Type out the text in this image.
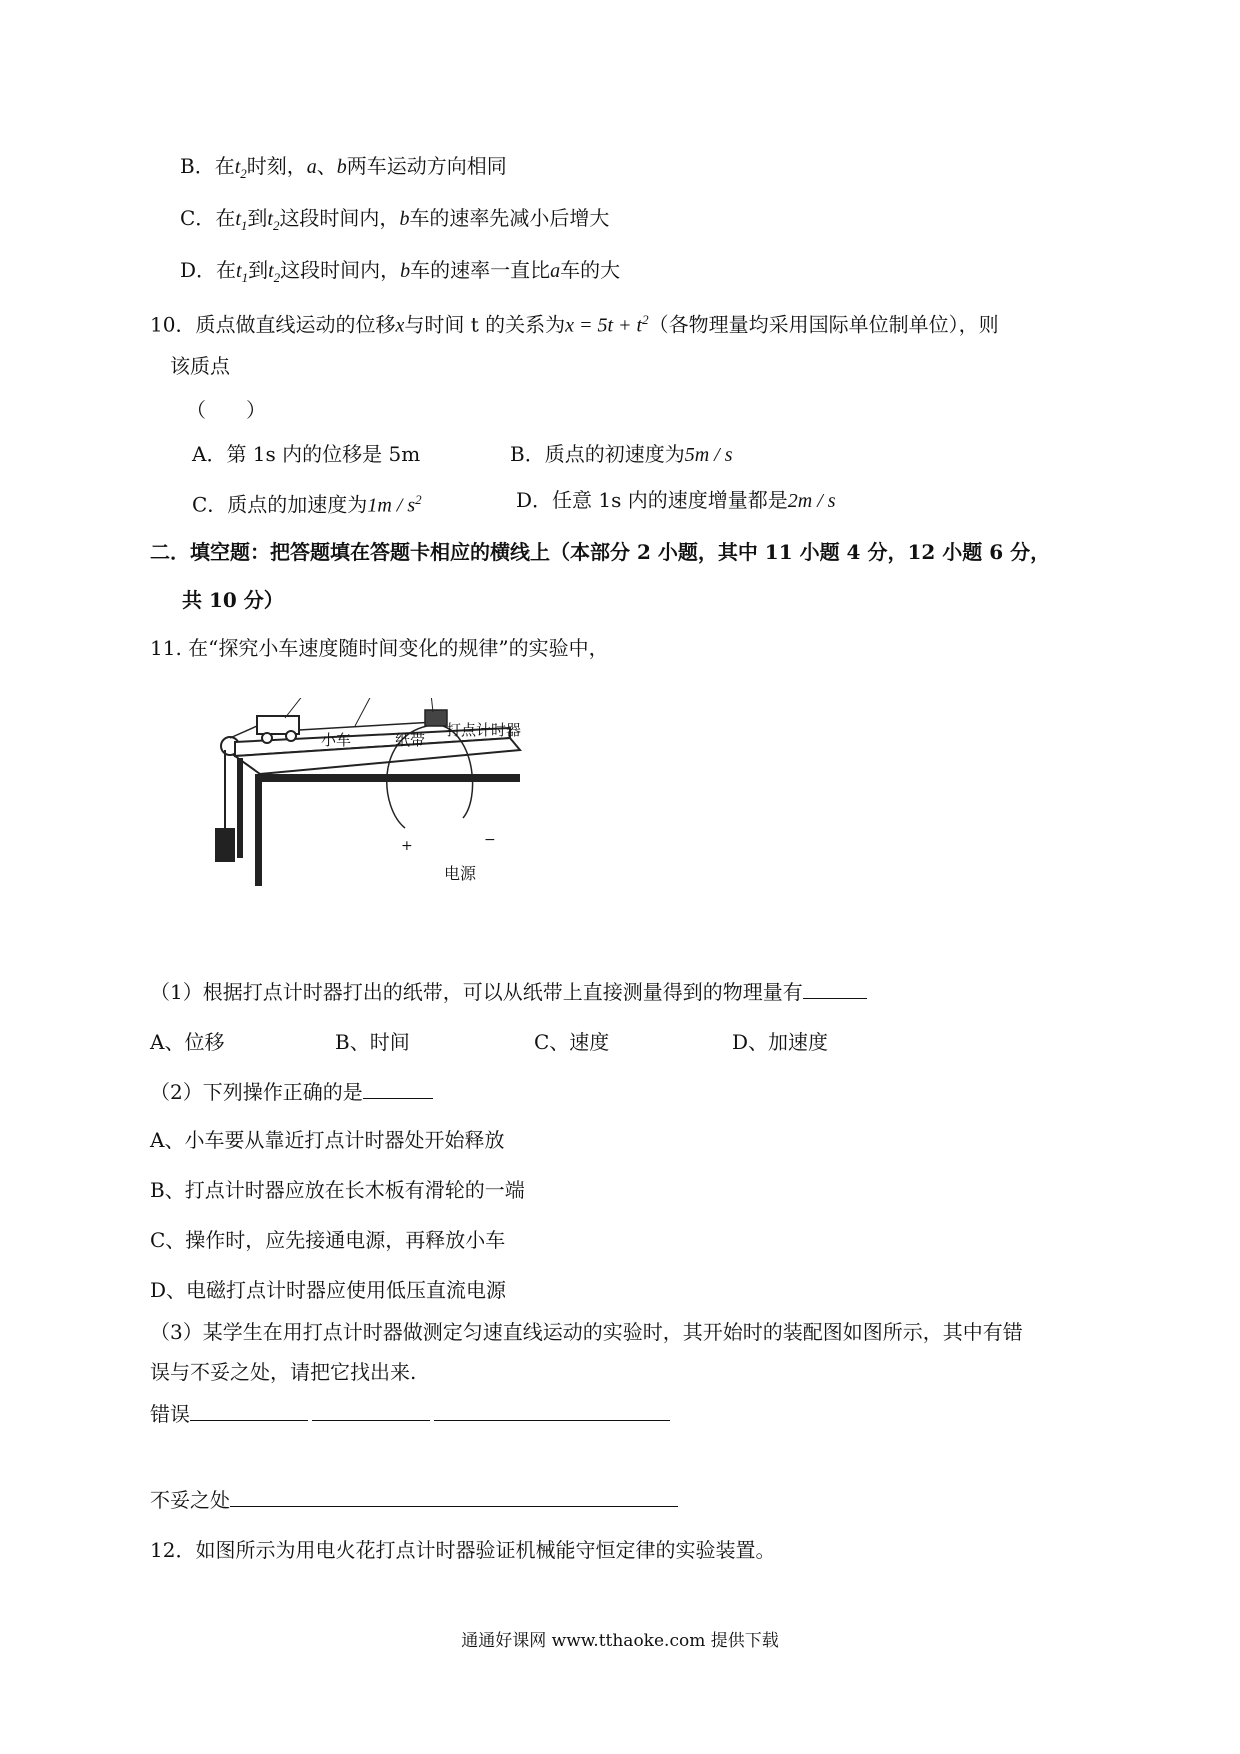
B．在$t_2$时刻，a、b两车运动方向相同
C．在$t_1$到$t_2$这段时间内，b车的速率先减小后增大
D．在$t_1$到$t_2$这段时间内，b车的速率一直比a车的大
10．质点做直线运动的位移x与时间 t 的关系为$x = 5t + t^2$（各物理量均采用国际单位制单位），则
该质点
（　　）
A．第 1s 内的位移是 5m	B．质点的初速度为5m / s
C．质点的加速度为$1m / s^2$	D．任意 1s 内的速度增量都是2m / s
二．填空题：把答题填在答题卡相应的横线上（本部分 2 小题，其中 11 小题 4 分，12 小题 6 分，
共 10 分）
11. 在“探究小车速度随时间变化的规律”的实验中，
小车	纸带
打点计时器
电源
+	−
（1）根据打点计时器打出的纸带，可以从纸带上直接测量得到的物理量有
A、位移	B、时间	C、速度	D、加速度
（2）下列操作正确的是
A、小车要从靠近打点计时器处开始释放
B、打点计时器应放在长木板有滑轮的一端
C、操作时，应先接通电源，再释放小车
D、电磁打点计时器应使用低压直流电源
（3）某学生在用打点计时器做测定匀速直线运动的实验时，其开始时的装配图如图所示，其中有错
误与不妥之处，请把它找出来.
错误
不妥之处
12．如图所示为用电火花打点计时器验证机械能守恒定律的实验装置。
通通好课网 www.tthaoke.com 提供下载
